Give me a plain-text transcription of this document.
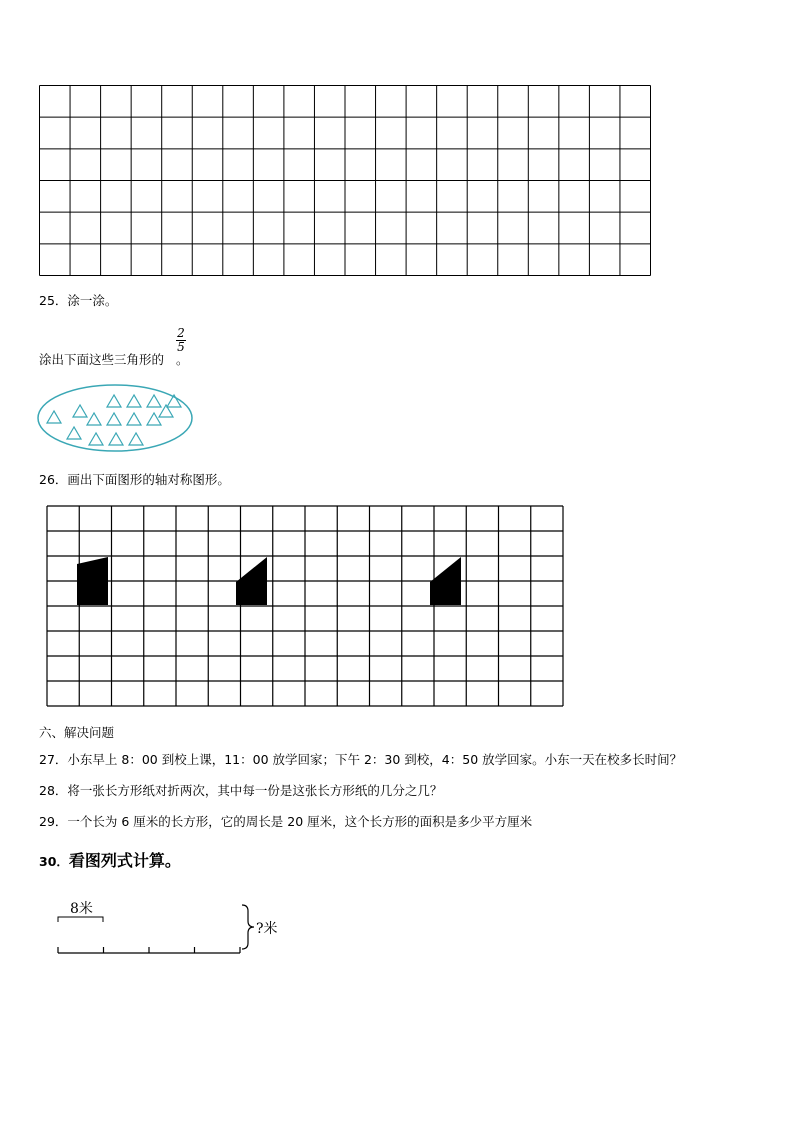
25．涂一涂。
涂出下面这些三角形的 。
2
5
26．画出下面图形的轴对称图形。
六、解决问题
27．小东早上 8：00 到校上课，11：00 放学回家；下午 2：30 到校，4：50 放学回家。小东一天在校多长时间？
28．将一张长方形纸对折两次，其中每一份是这张长方形纸的几分之几？
29．一个长为 6 厘米的长方形，它的周长是 20 厘米，这个长方形的面积是多少平方厘米
30．看图列式计算。
8米
?米
